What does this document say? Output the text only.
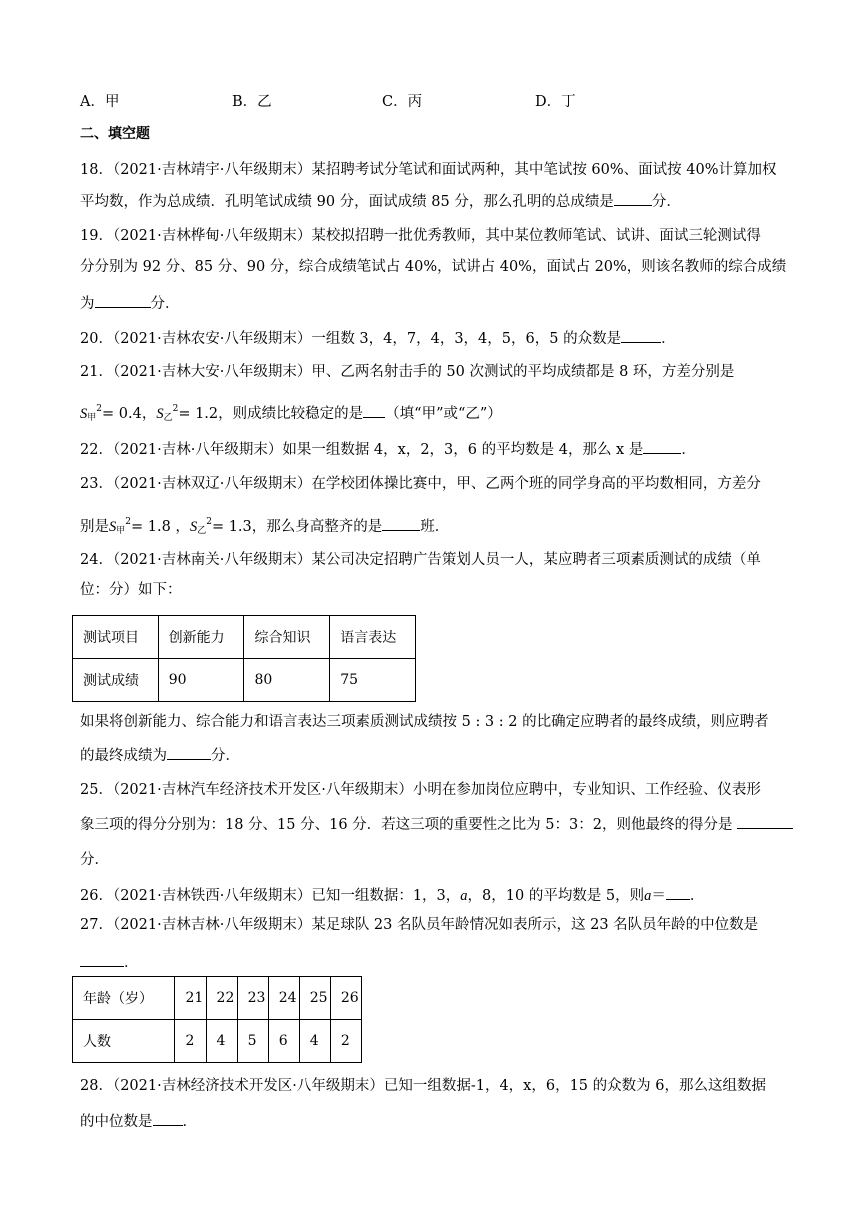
A．甲	B．乙	C．丙	D．丁
二、填空题
18．（2021·吉林靖宇·八年级期末）某招聘考试分笔试和面试两种，其中笔试按 60%、面试按 40%计算加权
平均数，作为总成绩．孔明笔试成绩 90 分，面试成绩 85 分，那么孔明的总成绩是	分．
19．（2021·吉林桦甸·八年级期末）某校拟招聘一批优秀教师，其中某位教师笔试、试讲、面试三轮测试得
分分别为 92 分、85 分、90 分，综合成绩笔试占 40%，试讲占 40%，面试占 20%，则该名教师的综合成绩
为	分．
20．（2021·吉林农安·八年级期末）一组数 3，4，7，4，3，4，5，6，5 的众数是	．
21．（2021·吉林大安·八年级期末）甲、乙两名射击手的 50 次测试的平均成绩都是 8 环，方差分别是
$S_甲^2= 0.4$，$S_乙^2= 1.2$，则成绩比较稳定的是 （填“甲”或“乙”）
22．（2021·吉林·八年级期末）如果一组数据 4，x，2，3，6 的平均数是 4，那么 x 是	．
23．（2021·吉林双辽·八年级期末）在学校团体操比赛中，甲、乙两个班的同学身高的平均数相同，方差分
别是$S_甲^2= 1.8$ ，$S_乙^2= 1.3$，那么身高整齐的是	班．
24．（2021·吉林南关·八年级期末）某公司决定招聘广告策划人员一人，某应聘者三项素质测试的成绩（单
位：分）如下：
测试项目	创新能力	综合知识	语言表达
测试成绩	90	80	75
如果将创新能力、综合能力和语言表达三项素质测试成绩按 5 : 3 : 2 的比确定应聘者的最终成绩，则应聘者
的最终成绩为	分．
25．（2021·吉林汽车经济技术开发区·八年级期末）小明在参加岗位应聘中，专业知识、工作经验、仪表形
象三项的得分分别为：18 分、15 分、16 分．若这三项的重要性之比为 5：3：2，则他最终的得分是
分．
26．（2021·吉林铁西·八年级期末）已知一组数据：1，3，a，8，10 的平均数是 5，则a＝ ．
27．（2021·吉林吉林·八年级期末）某足球队 23 名队员年龄情况如表所示，这 23 名队员年龄的中位数是
．
年龄（岁）	21	22	23	24	25	26
人数	2	4	5	6	4	2
28．（2021·吉林经济技术开发区·八年级期末）已知一组数据-1，4，x，6，15 的众数为 6，那么这组数据
的中位数是 ．
